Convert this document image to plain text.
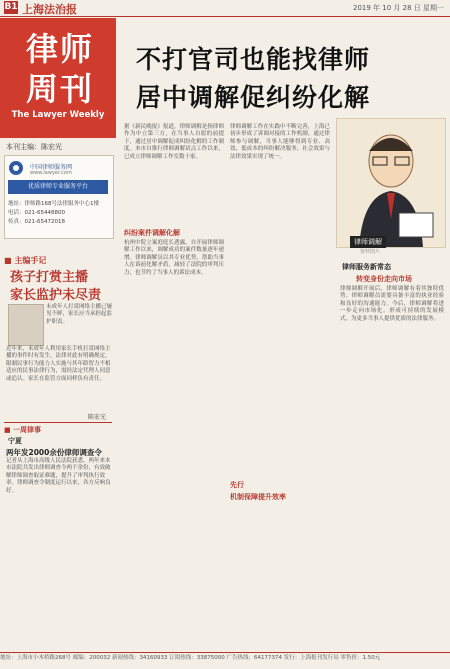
B1 上海法治报	2019 年 10 月 28 日 星期一
律师
周刊
The Lawyer Weekly
本刊主编：陈宏光
中国律师服务网
www.lawyer.com
优质律师专业服务平台
地址：律师路168号法律服务中心1楼
电话：021-65448800
传真：021-65472018
■ 主编手记
孩子打赏主播
家长监护未尽责
未成年人打赏网络主播已屡见不鲜，家长应当承担起监护职责。
近年来，未成年人利用家长手机打赏网络主播的事件时有发生。法律对此有明确规定，限制民事行为能力人实施与其年龄智力不相适应的民事法律行为，需经法定代理人同意或追认。家长在监管方面同样负有责任。
陈宏光
■ 一周律事
宁夏
两年发2000余份律师调查令
记者从上海市高级人民法院获悉，两年来本市法院共发出律师调查令两千余份，有效破解律师调查取证难题，提升了审判执行效率。律师调查令制度运行以来，各方反响良好。
不打官司也能找律师
居中调解促纠纷化解
律师调解
资料图片
据《新民晚报》报道，律师调解是指律师作为中立第三方，在当事人自愿的前提下，通过居中调解促成纠纷化解的工作制度。本市自推行律师调解试点工作以来，已成立律师调解工作室数十家。
纠纷案件调解化解
杭州中院立案庭庭长透露，自开展律师调解工作以来，调解成功的案件数量逐年递增。律师调解员以其专业优势，帮助当事人在诉前化解矛盾，减轻了法院的审判压力，也节约了当事人的诉讼成本。
律师调解工作在实践中不断完善，上海已初步形成了诉调对接的工作机制。通过律师参与调解，当事人能够得到专业、高效、低成本的纠纷解决服务，社会效果与法律效果实现了统一。
先行
机制保障提升效率
律师服务新常态
转变身份走向市场
律师调解开展后，律师调解有着其独特优势。律师调解员需要具备丰富的执业经验和良好的沟通能力。今后，律师调解将进一步走向市场化，形成可持续的发展模式，为更多当事人提供优质的法律服务。
地址：上海市小木桥路268号 邮编：200032 新闻热线：34160933 订阅热线：33875000 广告热线：64177374 发行：上海报刊发行局 零售价：1.50元
